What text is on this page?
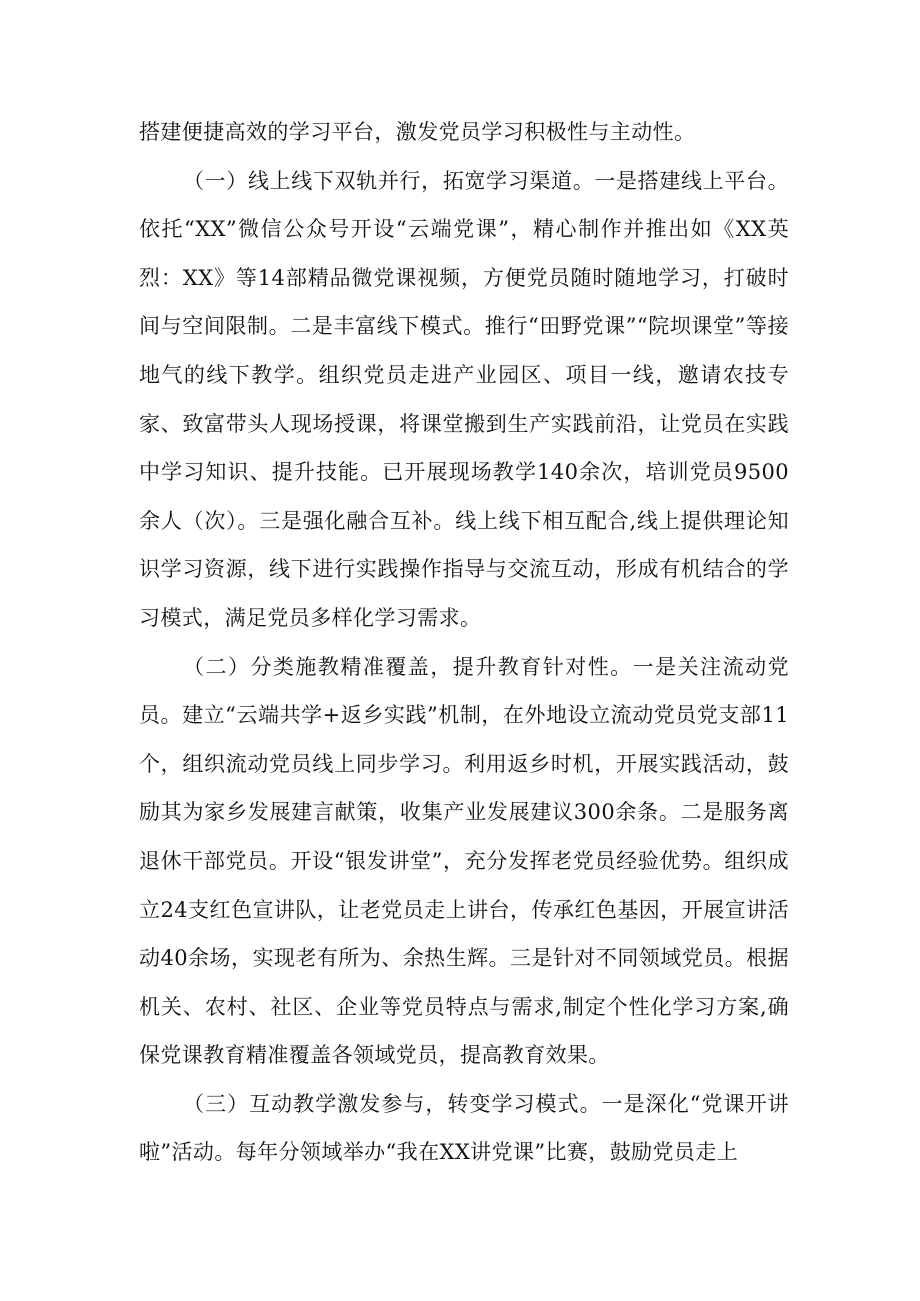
搭建便捷高效的学习平台，激发党员学习积极性与主动性。

（一）线上线下双轨并行，拓宽学习渠道。一是搭建线上平台。依托“XX”微信公众号开设“云端党课”，精心制作并推出如《XX英烈：XX》等14部精品微党课视频，方便党员随时随地学习，打破时间与空间限制。二是丰富线下模式。推行“田野党课”“院坝课堂”等接地气的线下教学。组织党员走进产业园区、项目一线，邀请农技专家、致富带头人现场授课，将课堂搬到生产实践前沿，让党员在实践中学习知识、提升技能。已开展现场教学140余次，培训党员9500余人（次）。三是强化融合互补。线上线下相互配合,线上提供理论知识学习资源，线下进行实践操作指导与交流互动，形成有机结合的学习模式，满足党员多样化学习需求。

（二）分类施教精准覆盖，提升教育针对性。一是关注流动党员。建立“云端共学+返乡实践”机制，在外地设立流动党员党支部11个，组织流动党员线上同步学习。利用返乡时机，开展实践活动，鼓励其为家乡发展建言献策，收集产业发展建议300余条。二是服务离退休干部党员。开设“银发讲堂”，充分发挥老党员经验优势。组织成立24支红色宣讲队，让老党员走上讲台，传承红色基因，开展宣讲活动40余场，实现老有所为、余热生辉。三是针对不同领域党员。根据机关、农村、社区、企业等党员特点与需求,制定个性化学习方案,确保党课教育精准覆盖各领域党员，提高教育效果。

（三）互动教学激发参与，转变学习模式。一是深化“党课开讲啦”活动。每年分领域举办“我在XX讲党课”比赛，鼓励党员走上
